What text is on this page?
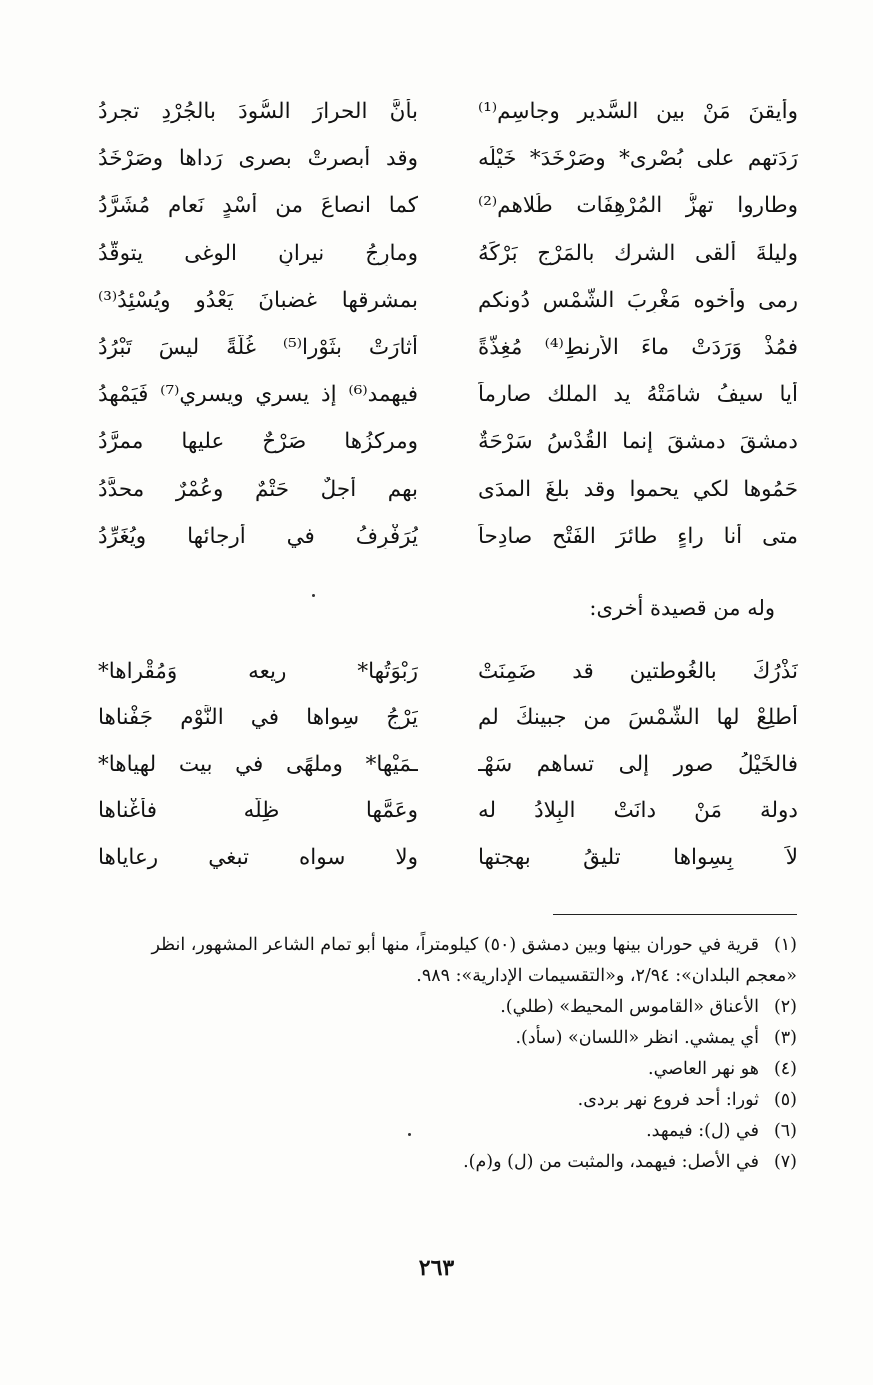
وأيقنَ مَنْ بين السَّدير وجاسِمٍ⁽¹⁾
بأنَّ الحرارَ السُّودَ بالجُرْدِ تجردُ
رَدَتهم على بُصْرى* وصَرْخَدَ* خَيْلُه
وقد أبصرتْ بصرى رَداها وصَرْخَدُ
وطاروا تهزُّ المُرْهِفَات طُلاهم⁽²⁾
كما انصاعَ من أُسْدٍ نَعام مُشَرَّدُ
وليلةَ ألقى الشرك بالمَرْجِ بَرْكَهُ
ومارِجُ نيرانِ الوغى يتوقَّدُ
رمى وأخوه مَغْرِبَ الشَّمْسِ دُونكم
بمشرقها غضبانَ يَعْدُو ويُسْئِدُ⁽³⁾
فمُذْ وَرَدَتْ ماءَ الأرنطِ⁽⁴⁾ مُغِذَّةً
أثارَتْ بثَوْرا⁽⁵⁾ غُلَّةً ليسَ تَبْرُدُ
أيا سيفُ شامَتْهُ يد الملك صارماً
فيهمد⁽⁶⁾ إذ يسري ويسري⁽⁷⁾ فَيَمْهدُ
دمشقَ دمشقَ إنما القُدْسُ سَرْحَةٌ
ومركزُها صَرْحٌ عليها ممرَّدُ
حَمُوها لكي يحموا وقد بلغَ المدَى
بهم أجلٌ حَتْمٌ وعُمْرٌ محدَّدُ
متى أنا راءٍ طائرَ الفَتْحِ صادِحاً
يُرَفْرِفُ في أرجائها ويُغَرِّدُ
وله من قصيدة أخرى:
نَذْرُكَ بالغُوطتين قد ضَمِنَتْ
رَبْوَتُها* ريعه وَمُقْراها*
أطلِعْ لها الشَّمْسَ من جبينكَ لم
يَرْجُ سِواها في النَّوْمِ جَفْناها
فالخَيْلُ صور إلى تساهم سَهْـ
ـمَيْها* وملهًى في بيت لهياها*
دولة مَنْ دانَتْ البِلادُ له
وعَمَّها ظِلُّه فأَغْناها
لاَ بِسِواها تليقُ بهجتها
ولا سواه تبغي رعاياها
(١)
قرية في حوران بينها وبين دمشق (٥٠) كيلومتراً، منها أبو تمام الشاعر المشهور، انظر
«معجم البلدان»: ٢/٩٤، و«التقسيمات الإدارية»: ٩٨٩.
(٢)
الأعناق «القاموس المحيط» (طلي).
(٣)
أي يمشي. انظر «اللسان» (سأد).
(٤)
هو نهر العاصي.
(٥)
ثورا: أحد فروع نهر بردى.
(٦)
في (ل): فيمهد.
(٧)
في الأصل: فيهمد، والمثبت من (ل) و(م).
٢٦٣
